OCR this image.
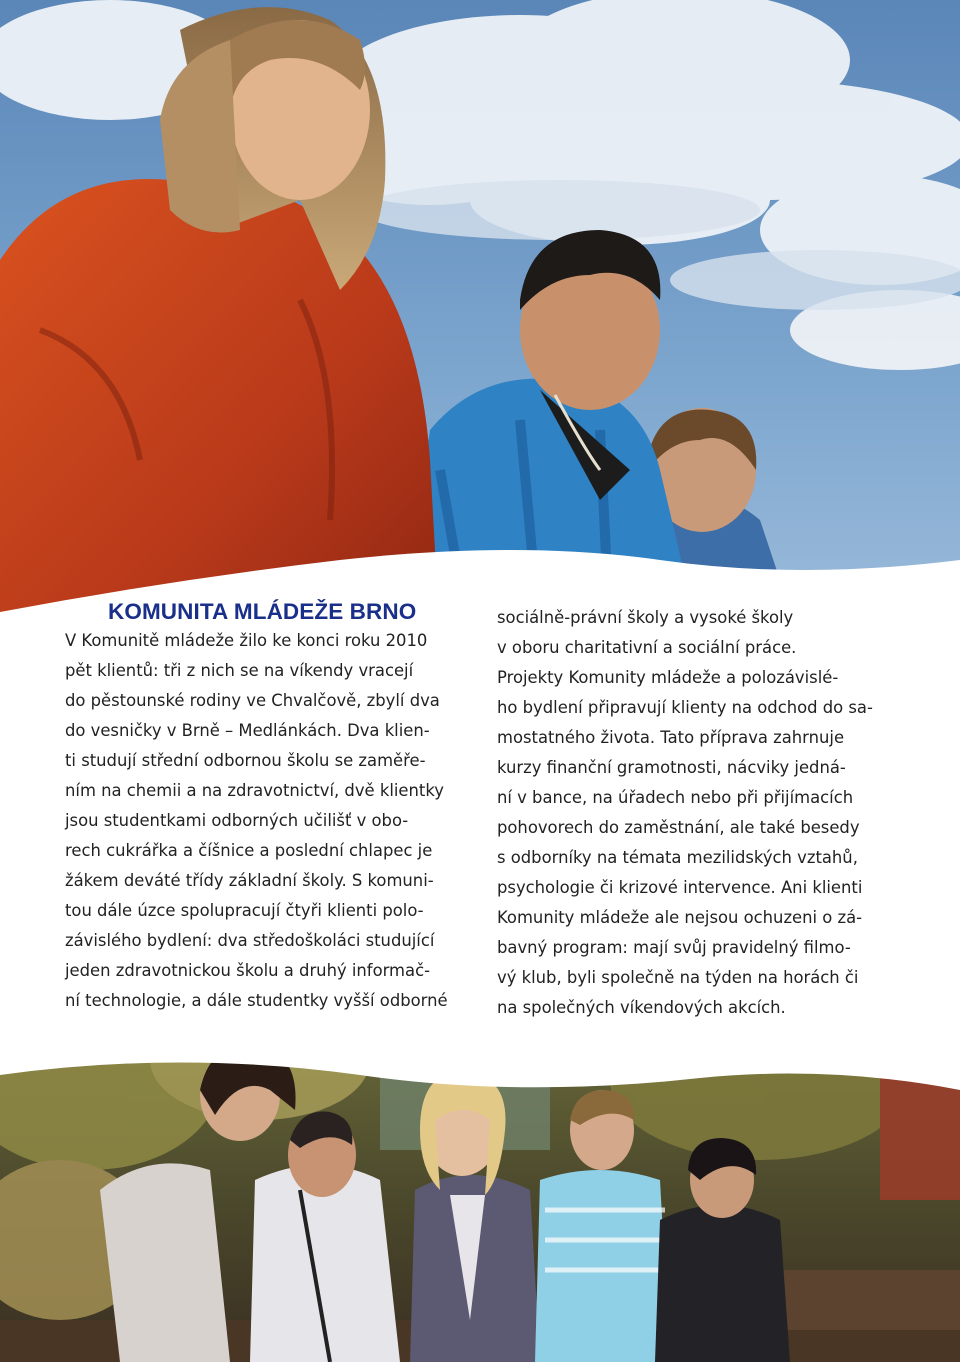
KOMUNITA MLÁDEŽE BRNO

V Komunitě mládeže žilo ke konci roku 2010
pět klientů: tři z nich se na víkendy vracejí
do pěstounské rodiny ve Chvalčově, zbylí dva
do vesničky v Brně – Medlánkách. Dva klien-
ti studují střední odbornou školu se zaměře-
ním na chemii a na zdravotnictví, dvě klientky
jsou studentkami odborných učilišť v obo-
rech cukrářka a číšnice a poslední chlapec je
žákem deváté třídy základní školy. S komuni-
tou dále úzce spolupracují čtyři klienti polo-
závislého bydlení: dva středoškoláci studující
jeden zdravotnickou školu a druhý informač-
ní technologie, a dále studentky vyšší odborné

sociálně-právní školy a vysoké školy
v oboru charitativní a sociální práce.

Projekty Komunity mládeže a polozávislé-
ho bydlení připravují klienty na odchod do sa-
mostatného života. Tato příprava zahrnuje
kurzy finanční gramotnosti, nácviky jedná-
ní v bance, na úřadech nebo při přijímacích
pohovorech do zaměstnání, ale také besedy
s odborníky na témata mezilidských vztahů,
psychologie či krizové intervence. Ani klienti
Komunity mládeže ale nejsou ochuzeni o zá-
bavný program: mají svůj pravidelný filmo-
vý klub, byli společně na týden na horách či
na společných víkendových akcích.
